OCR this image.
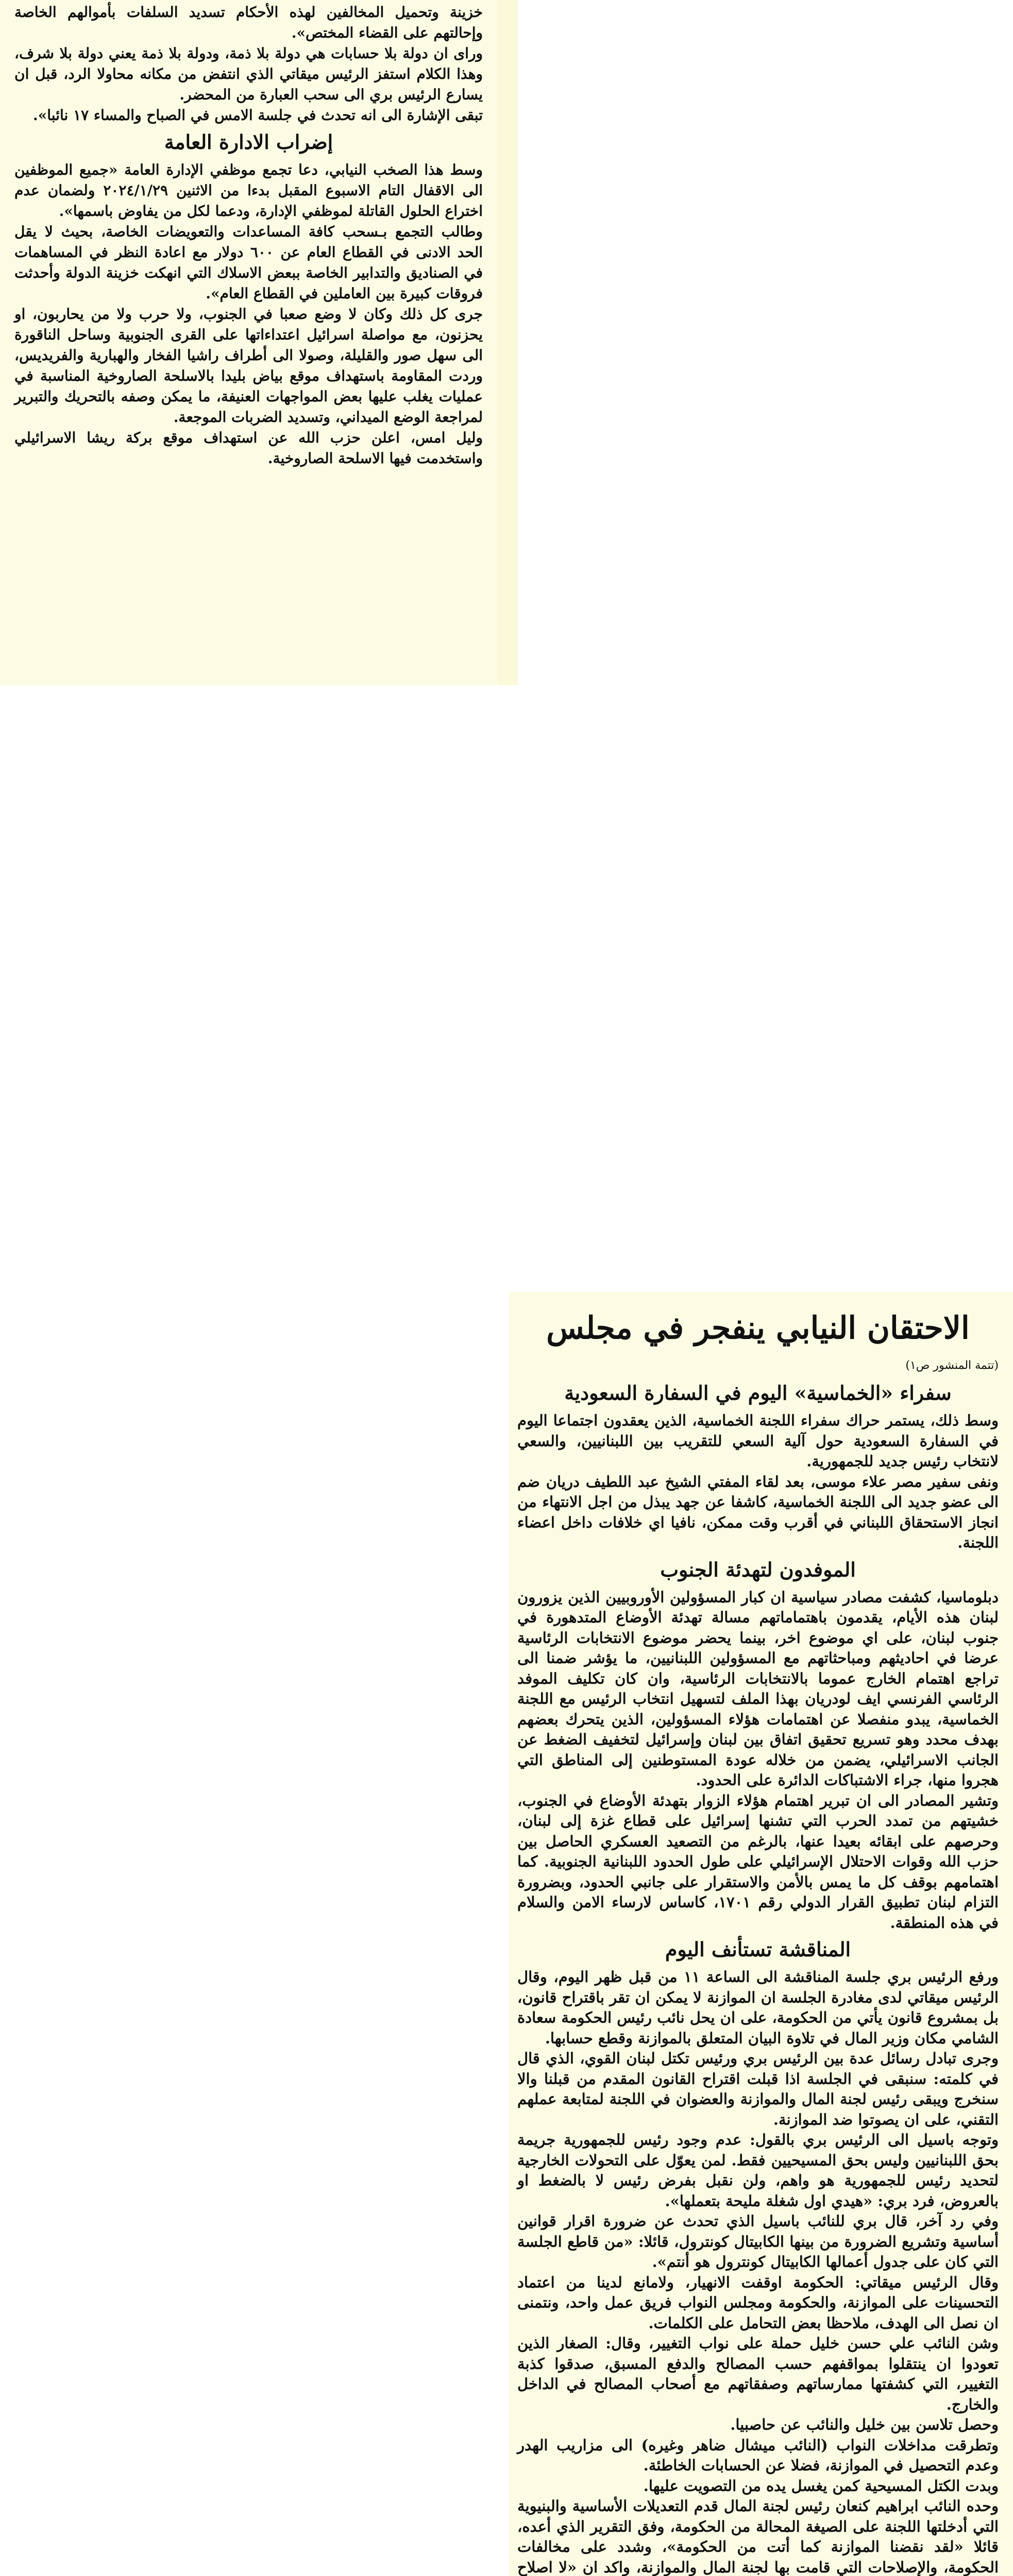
خزينة وتحميل المخالفين لهذه الأحكام تسديد السلفات بأموالهم الخاصة وإحالتهم على القضاء المختص».

وراى ان دولة بلا حسابات هي دولة بلا ذمة، ودولة بلا ذمة يعني دولة بلا شرف، وهذا الكلام استفز الرئيس ميقاتي الذي انتفض من مكانه محاولا الرد، قبل ان يسارع الرئيس بري الى سحب العبارة من المحضر.

تبقى الإشارة الى انه تحدث في جلسة الامس في الصباح والمساء ١٧ نائبا».

إضراب الادارة العامة

وسط هذا الصخب النيابي، دعا تجمع موظفي الإدارة العامة «جميع الموظفين الى الاقفال التام الاسبوع المقبل بدءا من الاثنين ٢٠٢٤/١/٢٩ ولضمان عدم اختراع الحلول القاتلة لموظفي الإدارة، ودعما لكل من يفاوض باسمها».

وطالب التجمع بـسحب كافة المساعدات والتعويضات الخاصة، بحيث لا يقل الحد الادنى في القطاع العام عن ٦٠٠ دولار مع اعادة النظر في المساهمات في الصناديق والتدابير الخاصة ببعض الاسلاك التي انهكت خزينة الدولة وأحدثت فروقات كبيرة بين العاملين في القطاع العام».

جرى كل ذلك وكان لا وضع صعبا في الجنوب، ولا حرب ولا من يحاربون، او يحزنون، مع مواصلة اسرائيل اعتداءاتها على القرى الجنوبية وساحل الناقورة الى سهل صور والقليلة، وصولا الى أطراف راشيا الفخار والهبارية والفريديس، وردت المقاومة باستهداف موقع بياض بليدا بالاسلحة الصاروخية المناسبة في عمليات يغلب عليها بعض المواجهات العنيفة، ما يمكن وصفه بالتحريك والتبرير لمراجعة الوضع الميداني، وتسديد الضربات الموجعة.

وليل امس، اعلن حزب الله عن استهداف موقع بركة ريشا الاسرائيلي واستخدمت فيها الاسلحة الصاروخية.

الاحتقان النيابي ينفجر في مجلس
(تتمة المنشور ص١)
سفراء «الخماسية» اليوم في السفارة السعودية

وسط ذلك، يستمر حراك سفراء اللجنة الخماسية، الذين يعقدون اجتماعا اليوم في السفارة السعودية حول آلية السعي للتقريب بين اللبنانيين، والسعي لانتخاب رئيس جديد للجمهورية.

ونفى سفير مصر علاء موسى، بعد لقاء المفتي الشيخ عبد اللطيف دريان ضم الى عضو جديد الى اللجنة الخماسية، كاشفا عن جهد يبذل من اجل الانتهاء من انجاز الاستحقاق اللبناني في أقرب وقت ممكن، نافيا اي خلافات داخل اعضاء اللجنة.

الموفدون لتهدئة الجنوب

دبلوماسيا، كشفت مصادر سياسية ان كبار المسؤولين الأوروبيين الذين يزورون لبنان هذه الأيام، يقدمون باهتماماتهم مسالة تهدئة الأوضاع المتدهورة في جنوب لبنان، على اي موضوع اخر، بينما يحضر موضوع الانتخابات الرئاسية عرضا في احاديثهم ومباحثاتهم مع المسؤولين اللبنانيين، ما يؤشر ضمنا الى تراجع اهتمام الخارج عموما بالانتخابات الرئاسية، وان كان تكليف الموفد الرئاسي الفرنسي ايف لودريان بهذا الملف لتسهيل انتخاب الرئيس مع اللجنة الخماسية، يبدو منفصلا عن اهتمامات هؤلاء المسؤولين، الذين يتحرك بعضهم بهدف محدد وهو تسريع تحقيق اتفاق بين لبنان وإسرائيل لتخفيف الضغط عن الجانب الاسرائيلي، يضمن من خلاله عودة المستوطنين إلى المناطق التي هجروا منها، جراء الاشتباكات الدائرة على الحدود.

وتشير المصادر الى ان تبرير اهتمام هؤلاء الزوار بتهدئة الأوضاع في الجنوب، خشيتهم من تمدد الحرب التي تشنها إسرائيل على قطاع غزة إلى لبنان، وحرصهم على ابقائه بعيدا عنها، بالرغم من التصعيد العسكري الحاصل بين حزب الله وقوات الاحتلال الإسرائيلي على طول الحدود اللبنانية الجنوبية. كما اهتمامهم بوقف كل ما يمس بالأمن والاستقرار على جانبي الحدود، وبضرورة التزام لبنان تطبيق القرار الدولي رقم ١٧٠١، كاساس لارساء الامن والسلام في هذه المنطقة.

المناقشة تستأنف اليوم

ورفع الرئيس بري جلسة المناقشة الى الساعة ١١ من قبل ظهر اليوم، وقال الرئيس ميقاتي لدى مغادرة الجلسة ان الموازنة لا يمكن ان تقر باقتراح قانون، بل بمشروع قانون يأتي من الحكومة، على ان يحل نائب رئيس الحكومة سعادة الشامي مكان وزير المال في تلاوة البيان المتعلق بالموازنة وقطع حسابها.

وجرى تبادل رسائل عدة بين الرئيس بري ورئيس تكتل لبنان القوي، الذي قال في كلمته: سنبقى في الجلسة اذا قبلت اقتراح القانون المقدم من قبلنا والا سنخرج ويبقى رئيس لجنة المال والموازنة والعضوان في اللجنة لمتابعة عملهم التقني، على ان يصوتوا ضد الموازنة.

وتوجه باسيل الى الرئيس بري بالقول: عدم وجود رئيس للجمهورية جريمة بحق اللبنانيين وليس بحق المسيحيين فقط. لمن يعوّل على التحولات الخارجية لتحديد رئيس للجمهورية هو واهم، ولن نقبل بفرض رئيس لا بالضغط او بالعروض، فرد بري: «هيدي اول شغلة مليحة بتعملها».

وفي رد آخر، قال بري للنائب باسيل الذي تحدث عن ضرورة اقرار قوانين أساسية وتشريع الضرورة من بينها الكابيتال كونترول، قائلا: «من قاطع الجلسة التي كان على جدول أعمالها الكابيتال كونترول هو أنتم».

وقال الرئيس ميقاتي: الحكومة اوقفت الانهيار، ولامانع لدينا من اعتماد التحسينات على الموازنة، والحكومة ومجلس النواب فريق عمل واحد، ونتمنى ان نصل الى الهدف، ملاحظا بعض التحامل على الكلمات.

وشن النائب علي حسن خليل حملة على نواب التغيير، وقال: الصغار الذين تعودوا ان ينتقلوا بمواقفهم حسب المصالح والدفع المسبق، صدقوا كذبة التغيير، التي كشفتها ممارساتهم وصفقاتهم مع أصحاب المصالح في الداخل والخارج.

وحصل تلاسن بين خليل والنائب عن حاصبيا.

وتطرقت مداخلات النواب (النائب ميشال ضاهر وغيره) الى مزاريب الهدر وعدم التحصيل في الموازنة، فضلا عن الحسابات الخاطئة.

وبدت الكتل المسيحية كمن يغسل يده من التصويت عليها.

وحده النائب ابراهيم كنعان رئيس لجنة المال قدم التعديلات الأساسية والبنيوية التي أدخلتها اللجنة على الصيغة المحالة من الحكومة، وفق التقرير الذي أعده، قائلا «لقد نقضنا الموازنة كما أتت من الحكومة»، وشدد على مخالفات الحكومة، والإصلاحات التي قامت بها لجنة المال والموازنة، واكد ان «لا اصلاح
